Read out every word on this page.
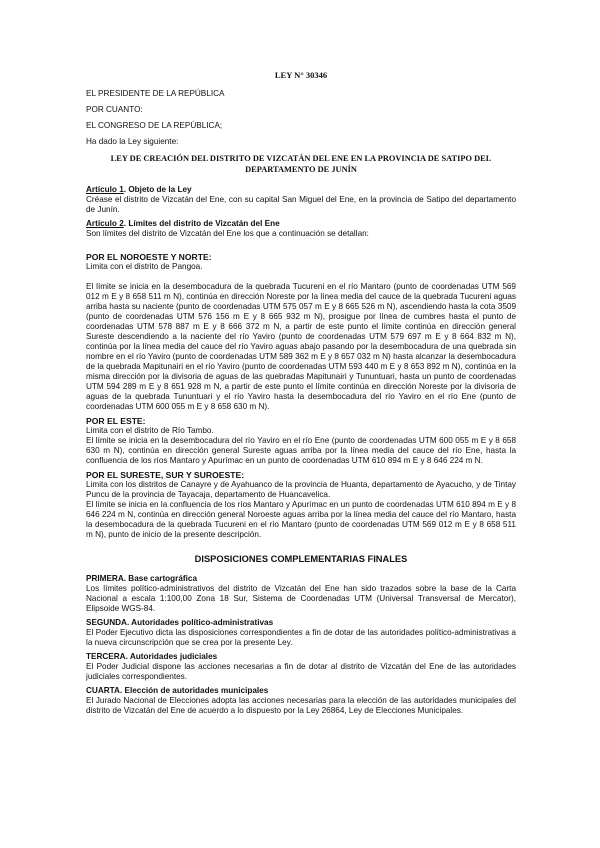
LEY N° 30346
EL PRESIDENTE DE LA REPÚBLICA
POR CUANTO:
EL CONGRESO DE LA REPÚBLICA;
Ha dado la Ley siguiente:
LEY DE CREACIÓN DEL DISTRITO DE VIZCATÁN DEL ENE EN LA PROVINCIA DE SATIPO DEL DEPARTAMENTO DE JUNÍN
Artículo 1. Objeto de la Ley
Créase el distrito de Vizcatán del Ene, con su capital San Miguel del Ene, en la provincia de Satipo del departamento de Junín.
Artículo 2. Límites del distrito de Vizcatán del Ene
Son límites del distrito de Vizcatán del Ene los que a continuación se detallan:
POR EL NOROESTE Y NORTE:
Limita con el distrito de Pangoa.
El límite se inicia en la desembocadura de la quebrada Tucureni en el río Mantaro (punto de coordenadas UTM 569 012 m E y 8 658 511 m N), continúa en dirección Noreste por la línea media del cauce de la quebrada Tucureni aguas arriba hasta su naciente (punto de coordenadas UTM 575 057 m E y 8 665 526 m N), ascendiendo hasta la cota 3509 (punto de coordenadas UTM 576 156 m E y 8 665 932 m N), prosigue por línea de cumbres hasta el punto de coordenadas UTM 578 887 m E y 8 666 372 m N, a partir de este punto el límite continúa en dirección general Sureste descendiendo a la naciente del río Yaviro (punto de coordenadas UTM 579 697 m E y 8 664 832 m N), continúa por la línea media del cauce del río Yaviro aguas abajo pasando por la desembocadura de una quebrada sin nombre en el río Yaviro (punto de coordenadas UTM 589 362 m E y 8 657 032 m N) hasta alcanzar la desembocadura de la quebrada Mapitunairi en el río Yaviro (punto de coordenadas UTM 593 440 m E y 8 653 892 m N), continúa en la misma dirección por la divisoria de aguas de las quebradas Mapitunairi y Tununtuari, hasta un punto de coordenadas UTM 594 289 m E y 8 651 928 m N, a partir de este punto el límite continúa en dirección Noreste por la divisoria de aguas de la quebrada Tununtuari y el río Yaviro hasta la desembocadura del río Yaviro en el río Ene (punto de coordenadas UTM 600 055 m E y 8 658 630 m N).
POR EL ESTE:
Limita con el distrito de Río Tambo.
El límite se inicia en la desembocadura del río Yaviro en el río Ene (punto de coordenadas UTM 600 055 m E y 8 658 630 m N), continúa en dirección general Sureste aguas arriba por la línea media del cauce del río Ene, hasta la confluencia de los ríos Mantaro y Apurímac en un punto de coordenadas UTM 610 894 m E y 8 646 224 m N.
POR EL SURESTE, SUR Y SUROESTE:
Limita con los distritos de Canayre y de Ayahuanco de la provincia de Huanta, departamento de Ayacucho, y de Tintay Puncu de la provincia de Tayacaja, departamento de Huancavelica.
El límite se inicia en la confluencia de los ríos Mantaro y Apurímac en un punto de coordenadas UTM 610 894 m E y 8 646 224 m N, continúa en dirección general Noroeste aguas arriba por la línea media del cauce del río Mantaro, hasta la desembocadura de la quebrada Tucureni en el río Mantaro (punto de coordenadas UTM 569 012 m E y 8 658 511 m N), punto de inicio de la presente descripción.
DISPOSICIONES COMPLEMENTARIAS FINALES
PRIMERA. Base cartográfica
Los límites político-administrativos del distrito de Vizcatán del Ene han sido trazados sobre la base de la Carta Nacional a escala 1:100,00 Zona 18 Sur, Sistema de Coordenadas UTM (Universal Transversal de Mercator), Elipsoide WGS-84.
SEGUNDA. Autoridades político-administrativas
El Poder Ejecutivo dicta las disposiciones correspondientes a fin de dotar de las autoridades político-administrativas a la nueva circunscripción que se crea por la presente Ley.
TERCERA. Autoridades judiciales
El Poder Judicial dispone las acciones necesarias a fin de dotar al distrito de Vizcatán del Ene de las autoridades judiciales correspondientes.
CUARTA. Elección de autoridades municipales
El Jurado Nacional de Elecciones adopta las acciones necesarias para la elección de las autoridades municipales del distrito de Vizcatán del Ene de acuerdo a lo dispuesto por la Ley 26864, Ley de Elecciones Municipales.
